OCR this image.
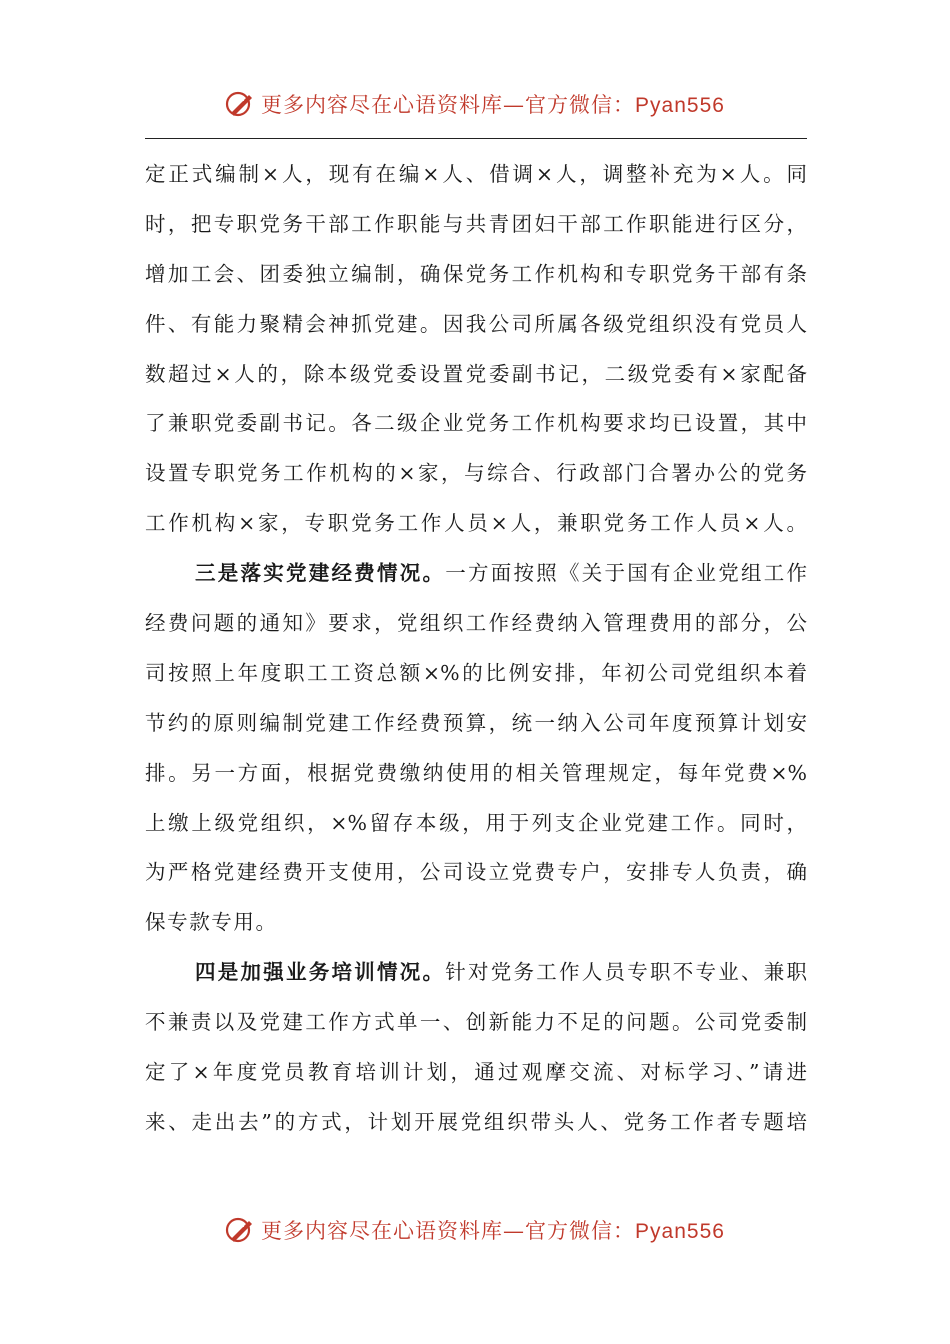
更多内容尽在心语资料库—官方微信：Pyan556
定正式编制×人，现有在编×人、借调×人，调整补充为×人。同
时，把专职党务干部工作职能与共青团妇干部工作职能进行区分，
增加工会、团委独立编制，确保党务工作机构和专职党务干部有条
件、有能力聚精会神抓党建。因我公司所属各级党组织没有党员人
数超过×人的，除本级党委设置党委副书记，二级党委有×家配备
了兼职党委副书记。各二级企业党务工作机构要求均已设置，其中
设置专职党务工作机构的×家，与综合、行政部门合署办公的党务
工作机构×家，专职党务工作人员×人，兼职党务工作人员×人。
三是落实党建经费情况。一方面按照《关于国有企业党组工作
经费问题的通知》要求，党组织工作经费纳入管理费用的部分，公
司按照上年度职工工资总额×%的比例安排，年初公司党组织本着
节约的原则编制党建工作经费预算，统一纳入公司年度预算计划安
排。另一方面，根据党费缴纳使用的相关管理规定，每年党费×%
上缴上级党组织，×%留存本级，用于列支企业党建工作。同时，
为严格党建经费开支使用，公司设立党费专户，安排专人负责，确
保专款专用。
四是加强业务培训情况。针对党务工作人员专职不专业、兼职
不兼责以及党建工作方式单一、创新能力不足的问题。公司党委制
定了×年度党员教育培训计划，通过观摩交流、对标学习、”请进
来、走出去”的方式，计划开展党组织带头人、党务工作者专题培
更多内容尽在心语资料库—官方微信：Pyan556
